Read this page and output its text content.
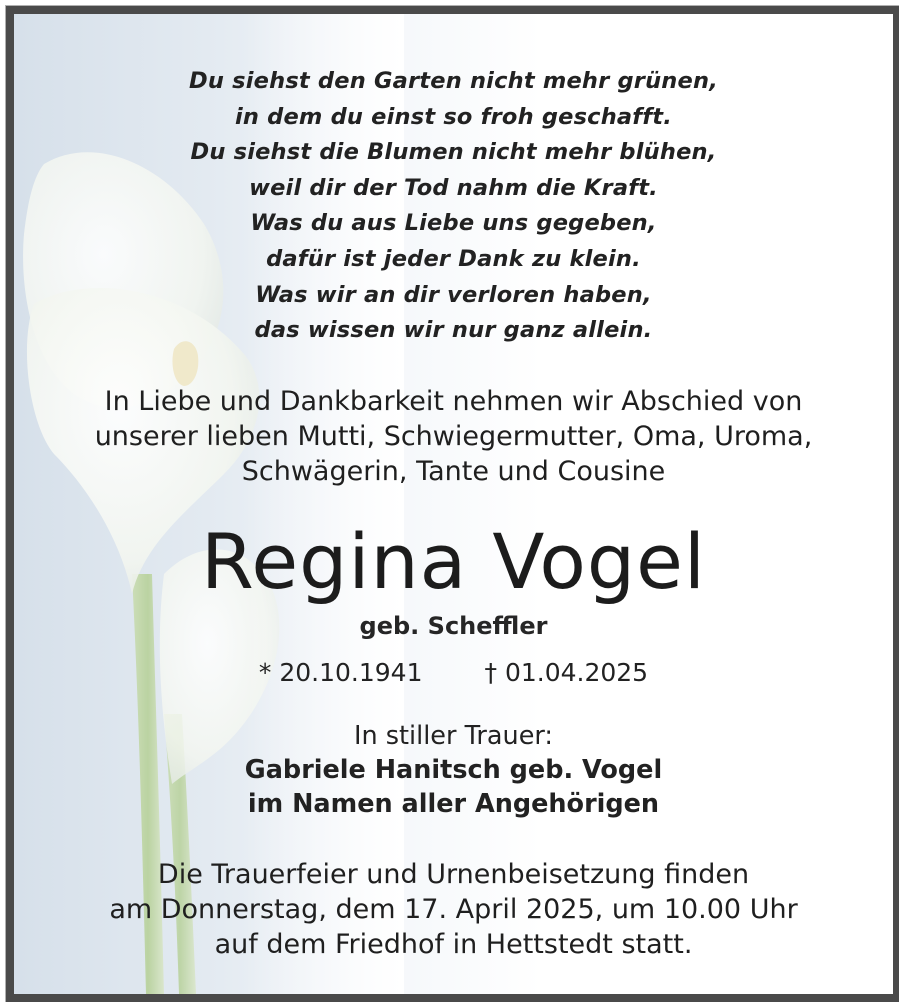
Du siehst den Garten nicht mehr grünen,
in dem du einst so froh geschafft.
Du siehst die Blumen nicht mehr blühen,
weil dir der Tod nahm die Kraft.
Was du aus Liebe uns gegeben,
dafür ist jeder Dank zu klein.
Was wir an dir verloren haben,
das wissen wir nur ganz allein.
In Liebe und Dankbarkeit nehmen wir Abschied von
unserer lieben Mutti, Schwiegermutter, Oma, Uroma,
Schwägerin, Tante und Cousine
Regina Vogel
geb. Scheffler
* 20.10.1941 † 01.04.2025
In stiller Trauer:
Gabriele Hanitsch geb. Vogel
im Namen aller Angehörigen
Die Trauerfeier und Urnenbeisetzung finden
am Donnerstag, dem 17. April 2025, um 10.00 Uhr
auf dem Friedhof in Hettstedt statt.
